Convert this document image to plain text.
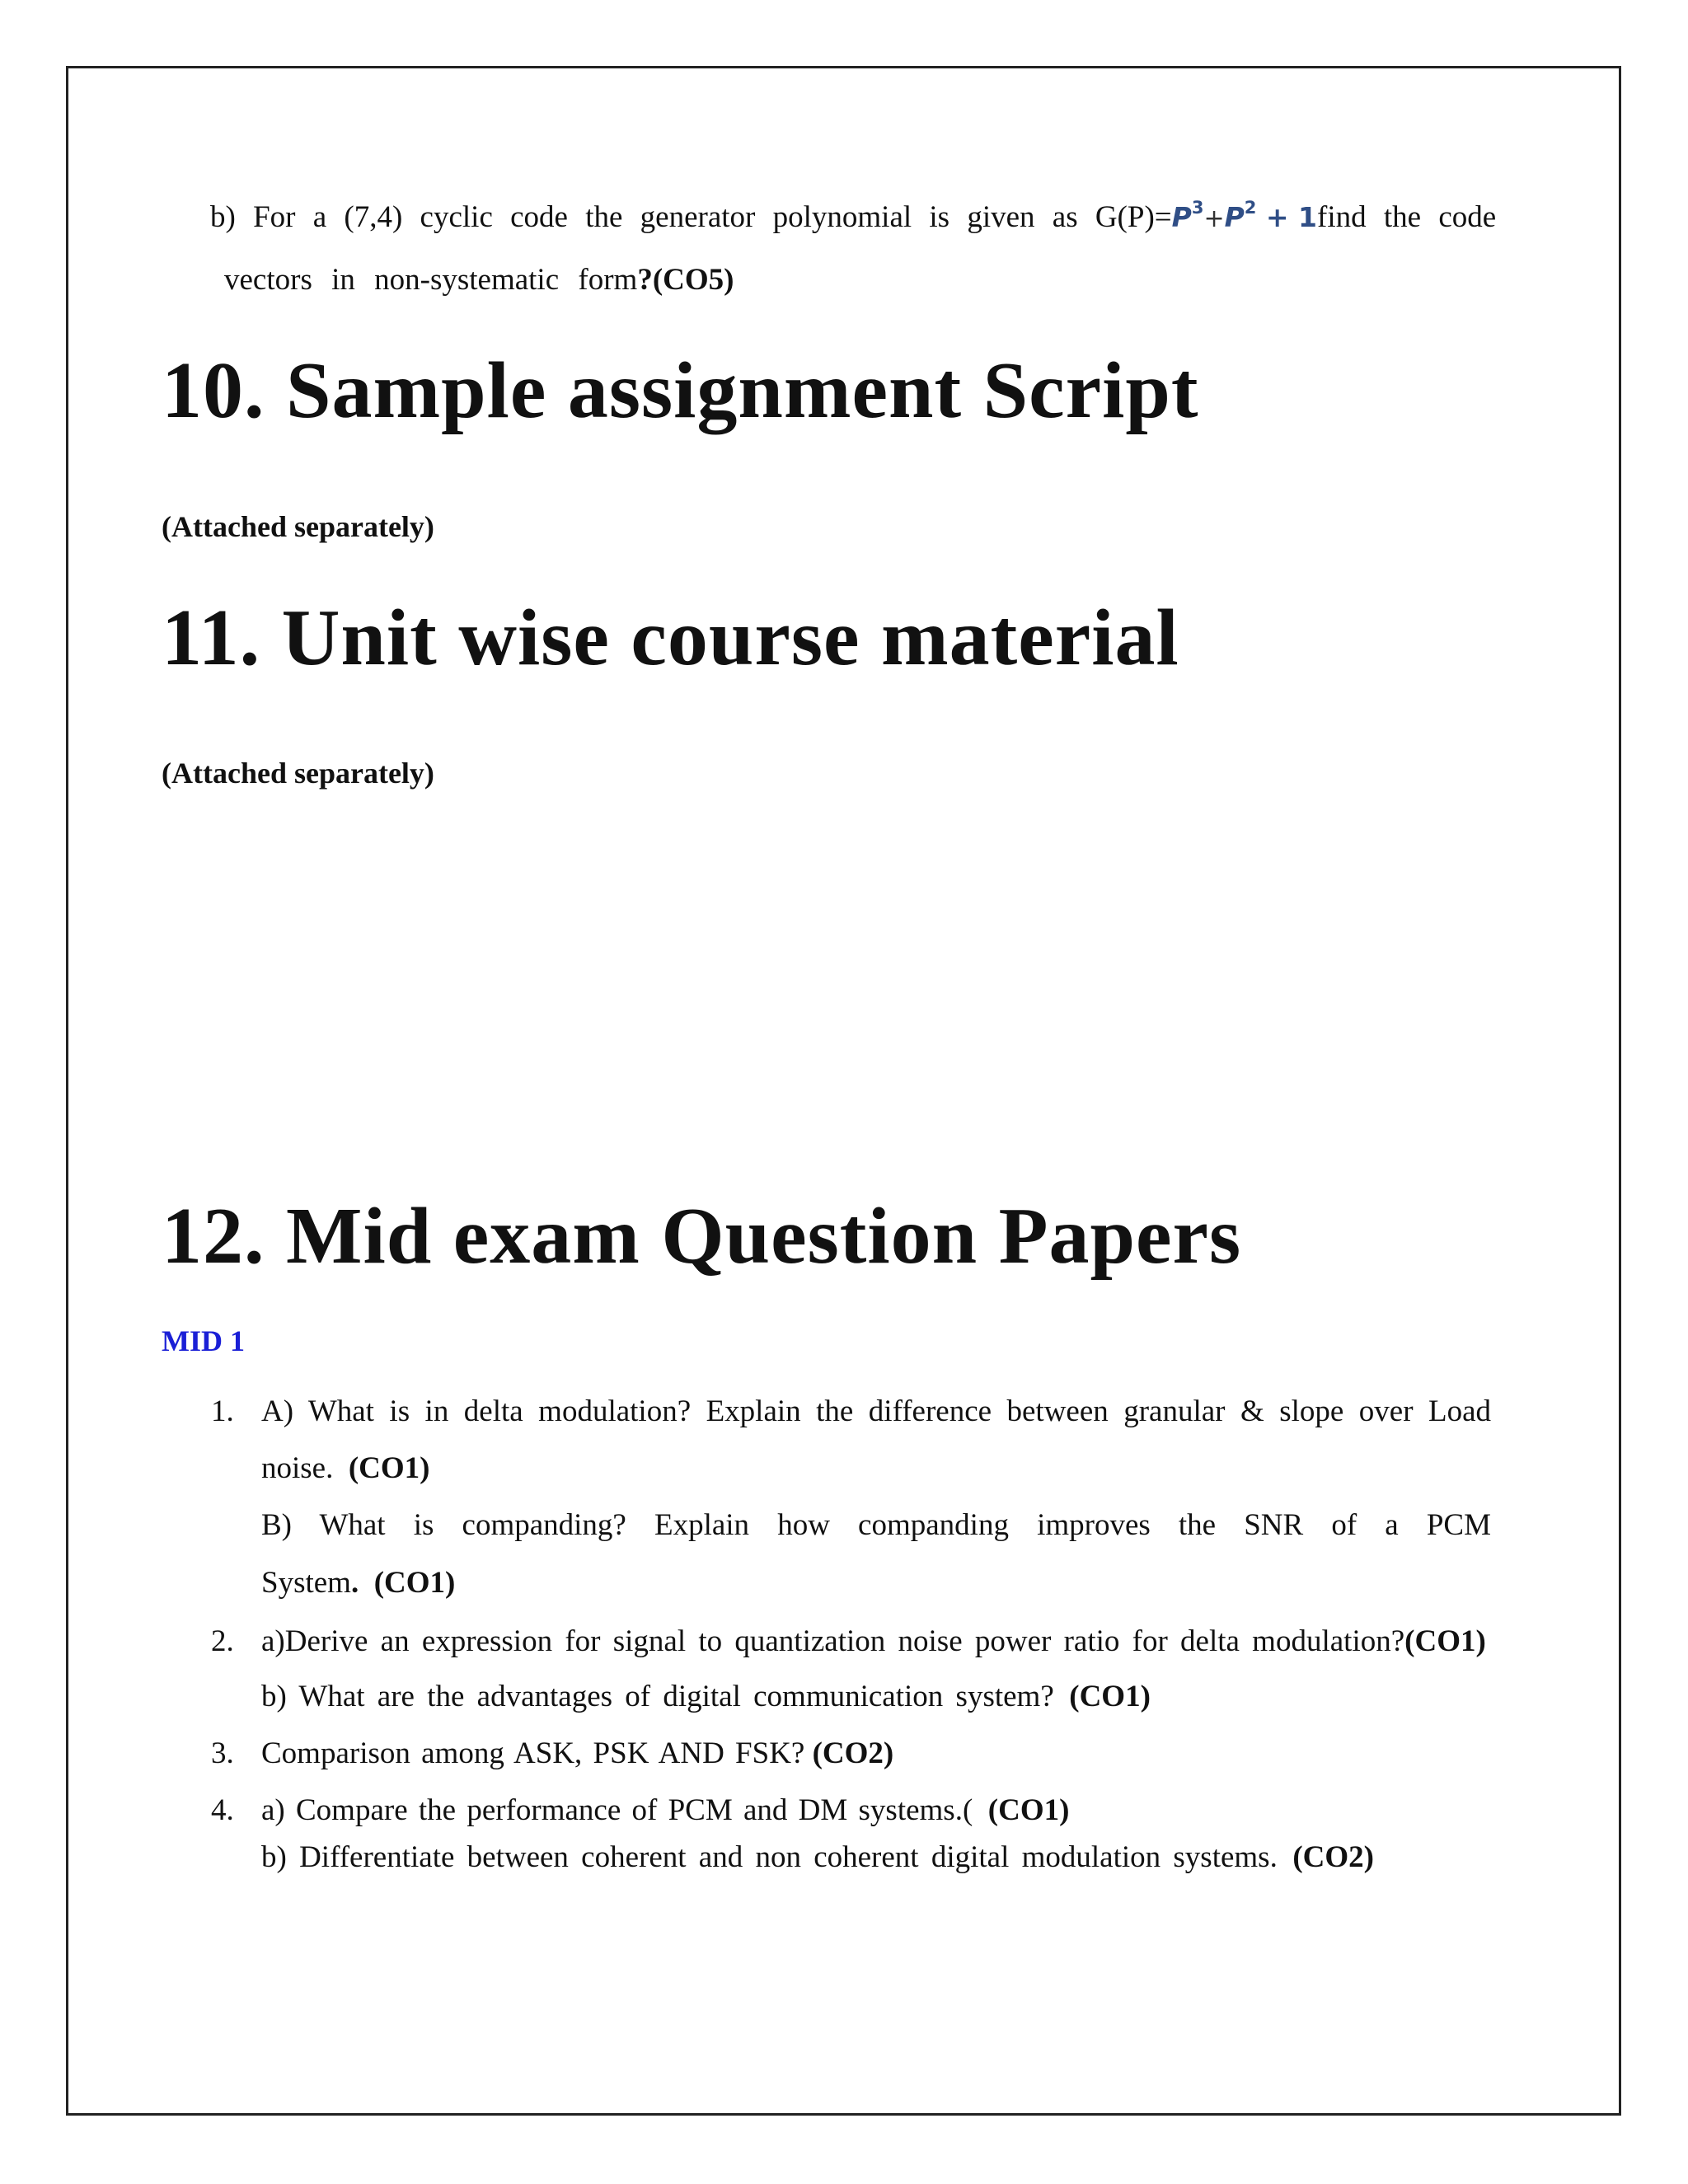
b) For a (7,4) cyclic code the generator polynomial is given as $G(P)= P^3+P^2 + 1$ find the code
vectors in non-systematic form?(CO5)
10. Sample assignment Script
(Attached separately)
11. Unit wise course material
(Attached separately)
12. Mid exam Question Papers
MID 1
1. A) What is in delta modulation? Explain the difference between granular & slope over Load
noise. (CO1)
B) What is companding? Explain how companding improves the SNR of a PCM
System. (CO1)
2. a)Derive an expression for signal to quantization noise power ratio for delta modulation?(CO1)
b) What are the advantages of digital communication system? (CO1)
3. Comparison among ASK, PSK AND FSK? (CO2)
4. a) Compare the performance of PCM and DM systems.( (CO1)
b) Differentiate between coherent and non coherent digital modulation systems. (CO2)
